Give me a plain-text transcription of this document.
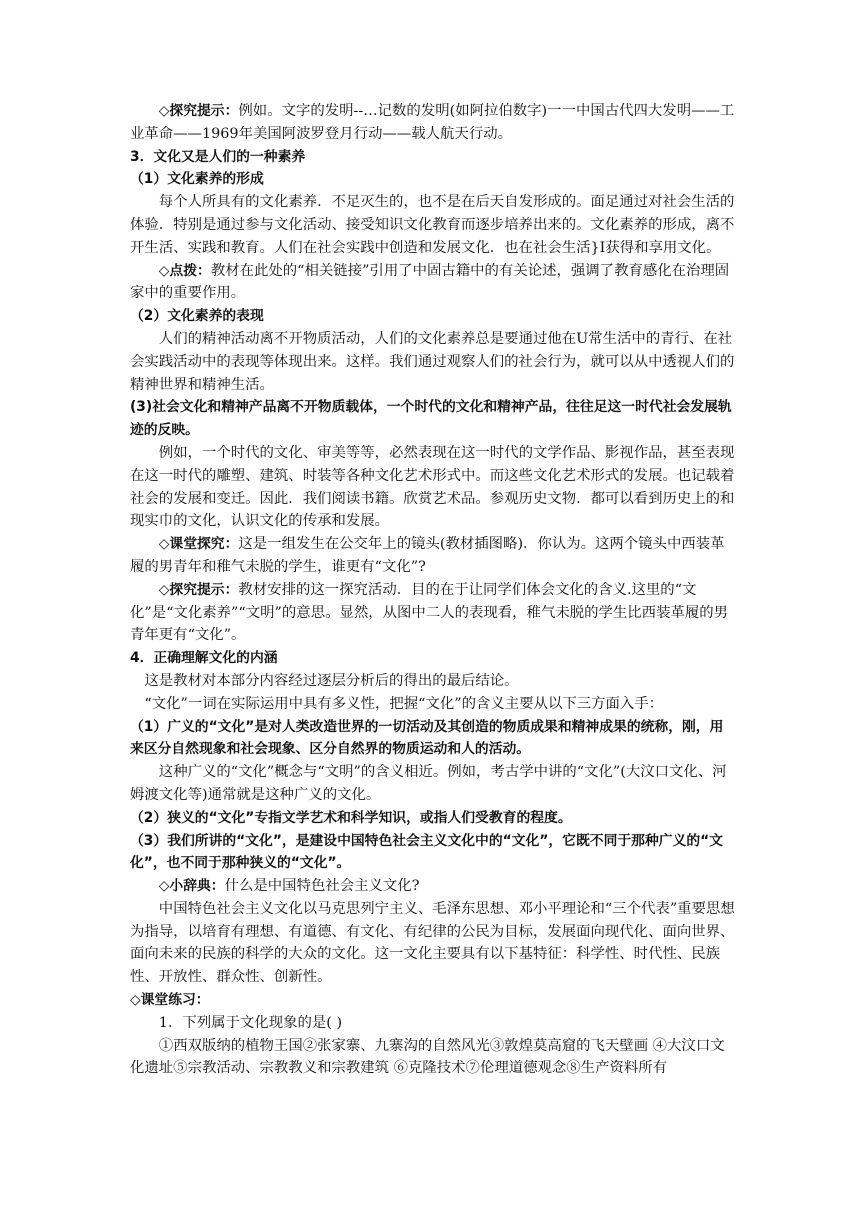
◇探究提示：例如。文字的发明--…记数的发明(如阿拉伯数字)一一中国古代四大发明——工业革命——1969年美国阿波罗登月行动——载人航天行动。

3．文化又是人们的一种素养

（1）文化素养的形成

每个人所具有的文化素养．不足灭生的，也不是在后天自发形成的。面足通过对社会生活的体验．特别是通过参与文化活动、接受知识文化教育而逐步培养出来的。文化素养的形成，离不开生活、实践和教育。人们在社会实践中创造和发展文化．也在社会生活}I获得和享用文化。

◇点拨：教材在此处的“相关链接”引用了中固古籍中的有关论述，强调了教育感化在治理固家中的重要作用。

（2）文化素养的表现

人们的精神活动离不开物质活动，人们的文化素养总是要通过他在U常生活中的青行、在社会实践活动中的表现等体现出来。这样。我们通过观察人们的社会行为，就可以从中透视人们的精神世界和精神生活。

(3)社会文化和精神产品离不开物质载体，一个时代的文化和精神产品，往往足这一时代社会发展轨迹的反映。

例如，一个时代的文化、审美等等，必然表现在这一时代的文学作品、影视作品，甚至表现在这一时代的雕塑、建筑、时装等各种文化艺术形式中。而这些文化艺术形式的发展。也记载着社会的发展和变迁。因此．我们阅读书籍。欣赏艺术品。参观历史文物．都可以看到历史上的和现实巾的文化，认识文化的传承和发展。

◇课堂探究：这是一组发生在公交年上的镜头(教材插图略)．你认为。这两个镜头中西装革履的男青年和稚气未脱的学生，谁更有“文化”?

◇探究提示：教材安排的这一探究活动．目的在于让同学们体会文化的含义.这里的“文化”是“文化素养”“文明”的意思。显然，从图中二人的表现看，稚气未脱的学生比西装革履的男青年更有“文化”。

4．正确理解文化的内涵

这是教材对本部分内容经过逐层分析后的得出的最后结论。

“文化”一词在实际运用中具有多义性，把握“文化”的含义主要从以下三方面入手：

（1）广义的“文化”是对人类改造世界的一切活动及其创造的物质成果和精神成果的统称，刚，用来区分自然现象和社会现象、区分自然界的物质运动和人的活动。

这种广义的“文化”概念与“文明”的含义相近。例如，考古学中讲的“文化”(大汶口文化、河姆渡文化等)通常就是这种广义的文化。

（2）狭义的“文化”专指文学艺术和科学知识，或指人们受教育的程度。

（3）我们所讲的“文化”，是建设中国特色社会主义文化中的“文化”，它既不同于那种广义的“文化”，也不同于那种狭义的“文化”。

◇小辞典：什么是中国特色社会主义文化?

中国特色社会主义文化以马克思列宁主义、毛泽东思想、邓小平理论和“三个代表”重要思想为指导，以培育有理想、有道德、有文化、有纪律的公民为目标，发展面向现代化、面向世界、面向未来的民族的科学的大众的文化。这一文化主要具有以下基特征：科学性、时代性、民族性、开放性、群众性、创新性。

◇课堂练习：

1．下列属于文化现象的是( )

①西双版纳的植物王国②张家寨、九寨沟的自然风光③敦煌莫高窟的飞天壁画 ④大汶口文化遗址⑤宗教活动、宗教教义和宗教建筑 ⑥克隆技术⑦伦理道德观念⑧生产资料所有
